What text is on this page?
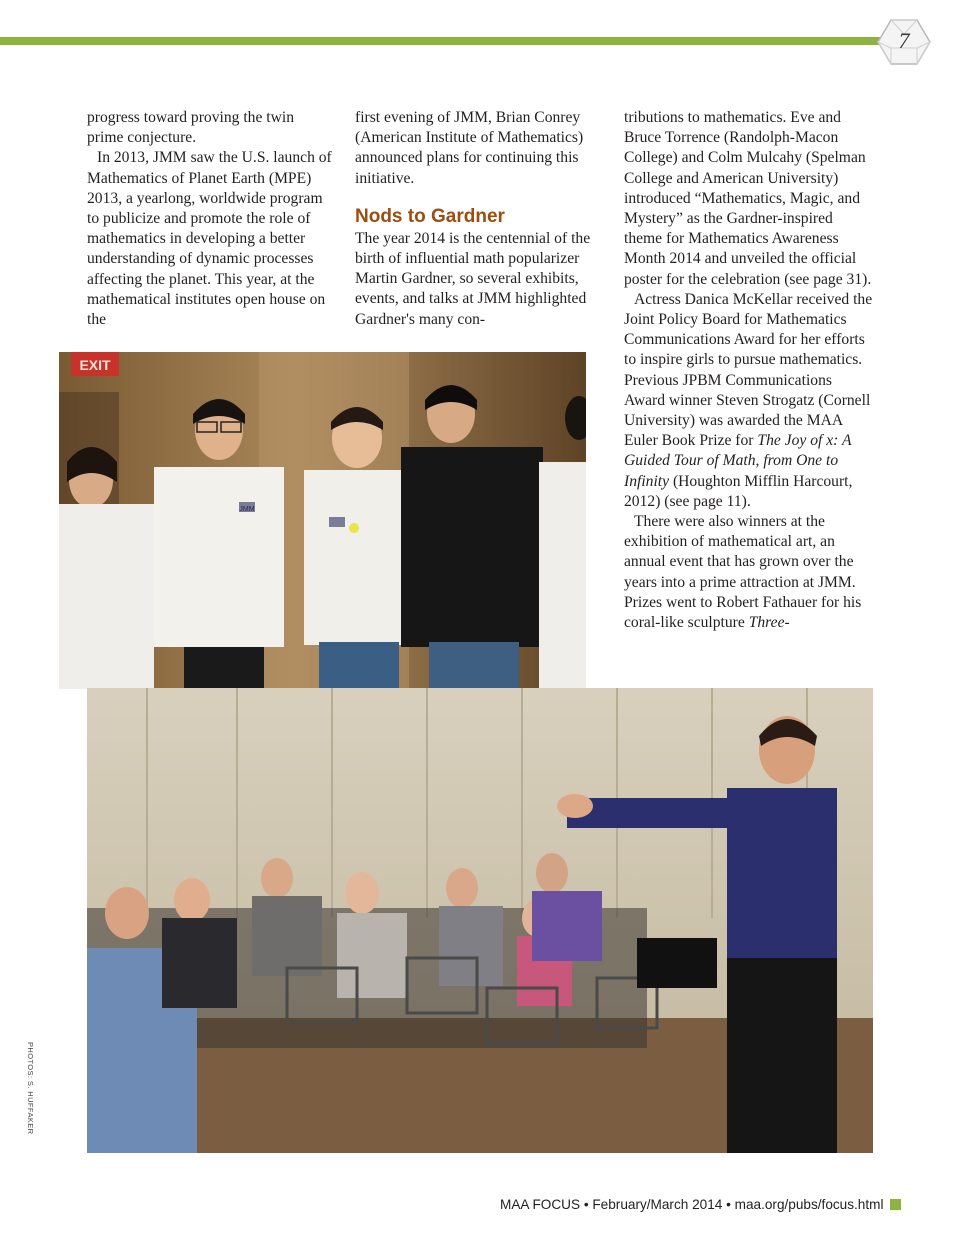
7

progress toward proving the twin prime conjecture.

In 2013, JMM saw the U.S. launch of Mathematics of Planet Earth (MPE) 2013, a yearlong, worldwide program to publicize and promote the role of mathematics in developing a better understanding of dynamic processes affecting the planet. This year, at the mathematical institutes open house on the

first evening of JMM, Brian Conrey (American Institute of Mathematics) announced plans for continuing this initiative.

Nods to Gardner

The year 2014 is the centennial of the birth of influential math popularizer Martin Gardner, so several exhibits, events, and talks at JMM highlighted Gardner's many con-

tributions to mathematics. Eve and Bruce Torrence (Randolph-Macon College) and Colm Mulcahy (Spelman College and American University) introduced “Mathematics, Magic, and Mystery” as the Gardner-inspired theme for Mathematics Awareness Month 2014 and unveiled the official poster for the celebration (see page 31).

Actress Danica McKellar received the Joint Policy Board for Mathematics Communications Award for her efforts to inspire girls to pursue mathematics. Previous JPBM Communications Award winner Steven Strogatz (Cornell University) was awarded the MAA Euler Book Prize for The Joy of x: A Guided Tour of Math, from One to Infinity (Houghton Mifflin Harcourt, 2012) (see page 11).

There were also winners at the exhibition of mathematical art, an annual event that has grown over the years into a prime attraction at JMM. Prizes went to Robert Fathauer for his coral-like sculpture Three-

EXIT
JMM
PHOTOS: S. HUFFAKER
MAA FOCUS • February/March 2014 • maa.org/pubs/focus.html
